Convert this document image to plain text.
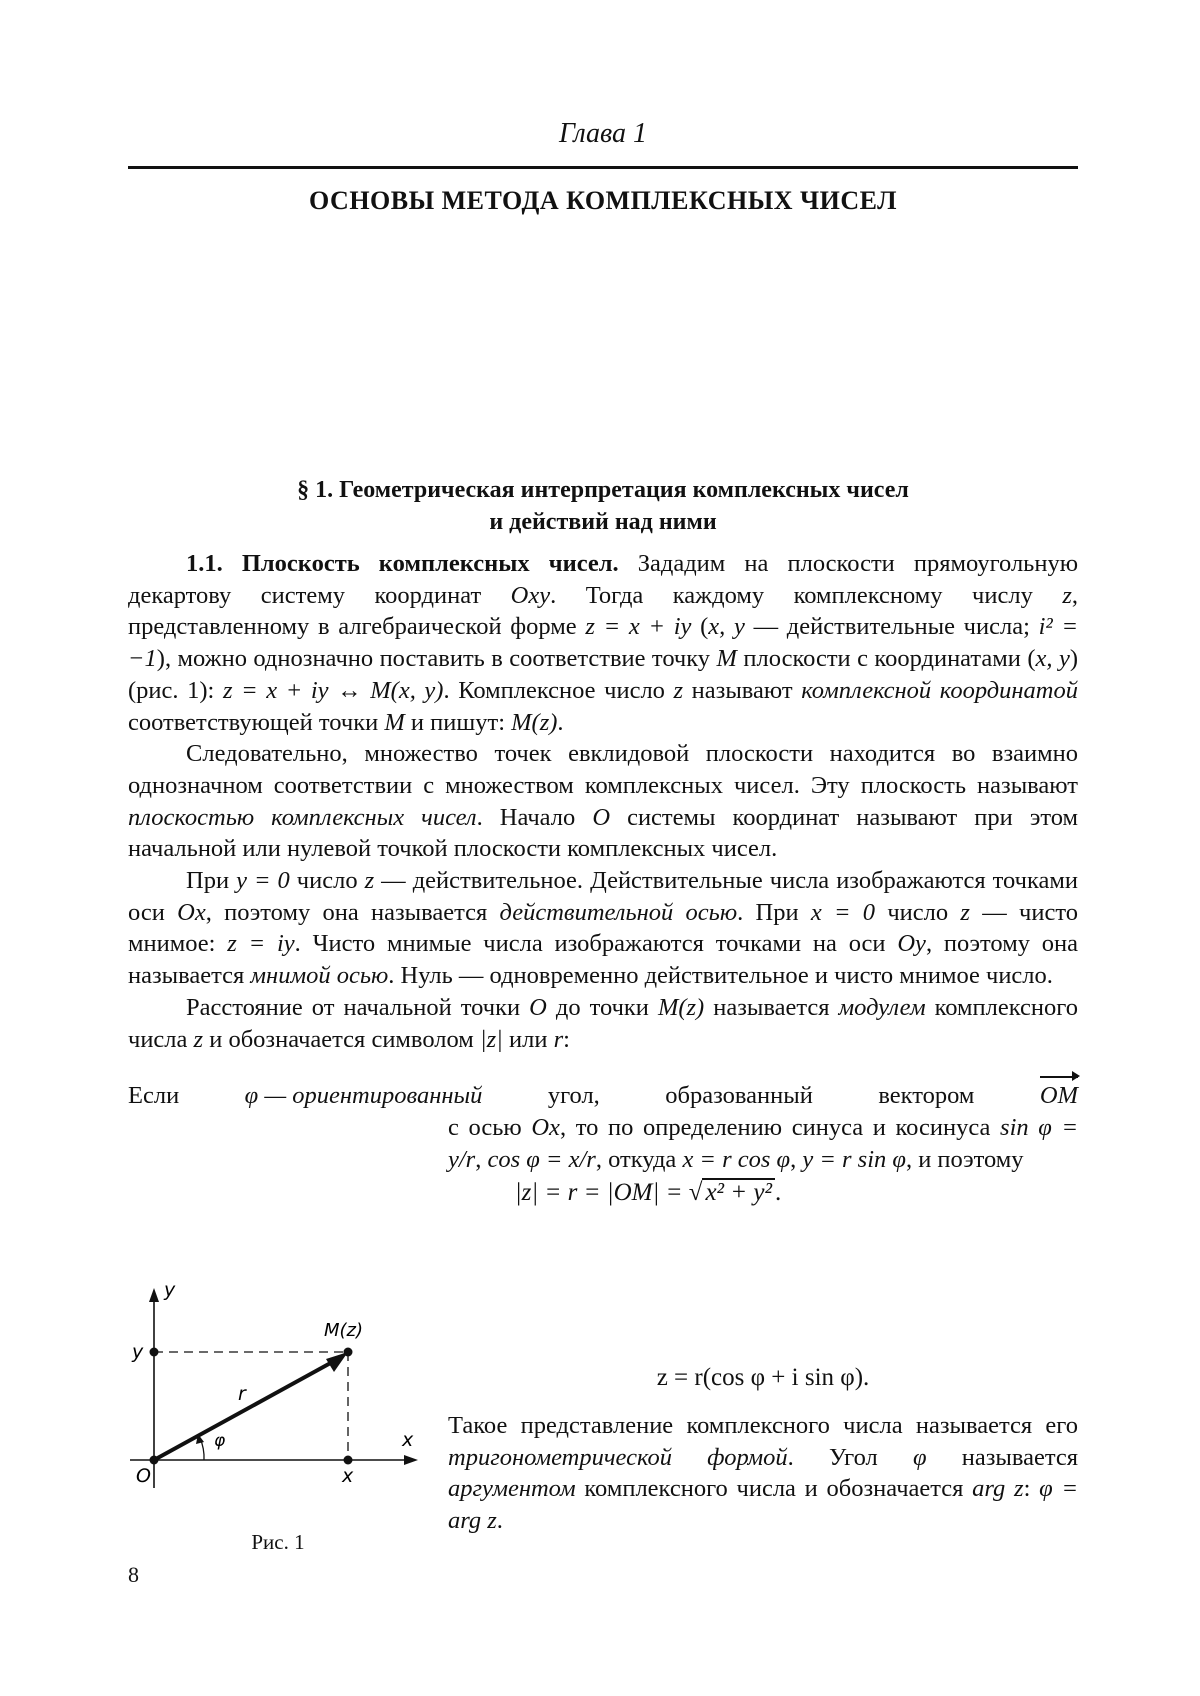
Глава 1
ОСНОВЫ МЕТОДА КОМПЛЕКСНЫХ ЧИСЕЛ
§ 1. Геометрическая интерпретация комплексных чисел
и действий над ними

1.1. Плоскость комплексных чисел. Зададим на плоскости прямоугольную декартову систему координат Oxy. Тогда каждому комплексному числу z, представленному в алгебраической форме z = x + iy (x, y — действительные числа; i² = −1), можно однозначно поставить в соответствие точку M плоскости с координатами (x, y) (рис. 1): z = x + iy ↔ M(x, y). Комплексное число z называют комплексной координатой соответствующей точки M и пишут: M(z).

Следовательно, множество точек евклидовой плоскости находится во взаимно однозначном соответствии с множеством комплексных чисел. Эту плоскость называют плоскостью комплексных чисел. Начало O системы координат называют при этом начальной или нулевой точкой плоскости комплексных чисел.

При y = 0 число z — действительное. Действительные числа изображаются точками оси Ox, поэтому она называется действительной осью. При x = 0 число z — чисто мнимое: z = iy. Чисто мнимые числа изображаются точками на оси Oy, поэтому она называется мнимой осью. Нуль — одновременно действительное и чисто мнимое число.

Расстояние от начальной точки O до точки M(z) называется модулем комплексного числа z и обозначается символом |z| или r:

|z| = r = |OM| = √ x² + y² .
Если	φ — ориентированный	угол,	образованный	вектором	OM

с осью Ox, то по определению синуса и косинуса sin φ = y/r, cos φ = x/r, откуда x = r cos φ, y = r sin φ, и поэтому

z = r(cos φ + i sin φ).

Такое представление комплексного числа называется его тригонометрической формой. Угол φ называется аргументом комплексного числа и обозначается arg z: φ = arg z.

y
x
y
x
O
M(z)
r
φ
Рис. 1
8
